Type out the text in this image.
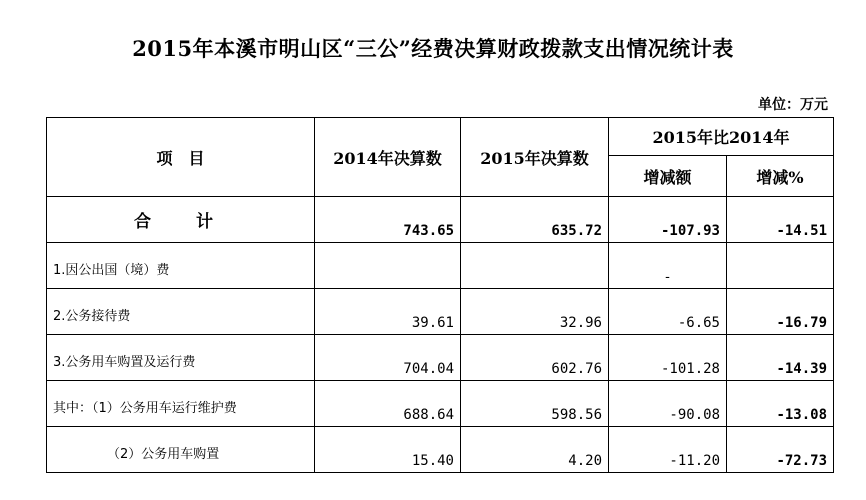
2015年本溪市明山区“三公”经费决算财政拨款支出情况统计表
单位：万元
项　目	2014年决算数	2015年决算数	2015年比2014年	
			增减额	增减%
合　计	743.65	635.72	-107.93	-14.51
1.因公出国（境）费			-	
2.公务接待费	39.61	32.96	-6.65	-16.79
3.公务用车购置及运行费	704.04	602.76	-101.28	-14.39
其中：（1）公务用车运行维护费	688.64	598.56	-90.08	-13.08
（2）公务用车购置	15.40	4.20	-11.20	-72.73
